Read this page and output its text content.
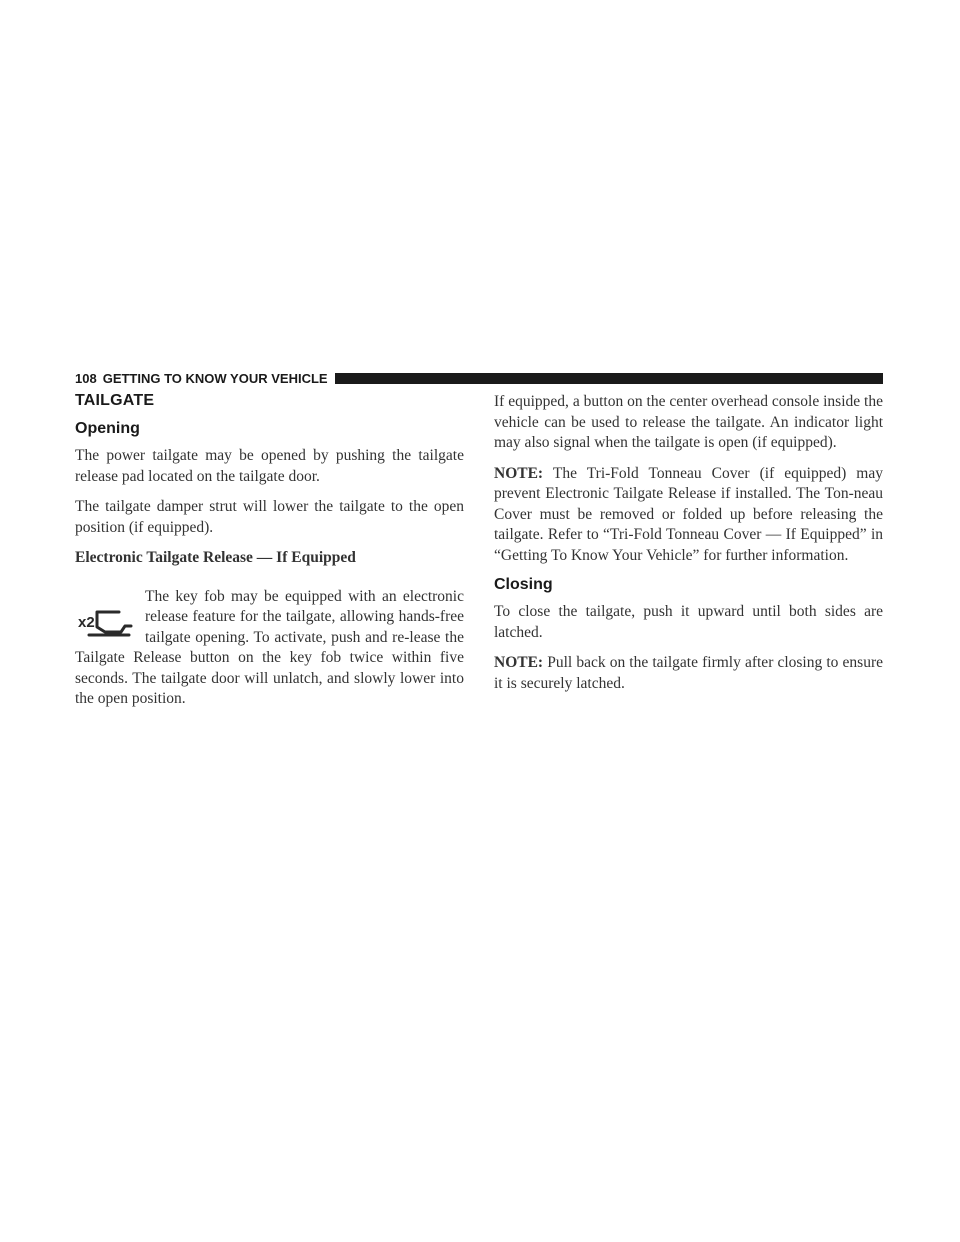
108 GETTING TO KNOW YOUR VEHICLE
TAILGATE
Opening

The power tailgate may be opened by pushing the tailgate release pad located on the tailgate door.

The tailgate damper strut will lower the tailgate to the open position (if equipped).

Electronic Tailgate Release — If Equipped

x2

The key fob may be equipped with an electronic release feature for the tailgate, allowing hands-free tailgate opening. To activate, push and re-lease the Tailgate Release button on the key fob twice within five seconds. The tailgate door will unlatch, and slowly lower into the open position.

If equipped, a button on the center overhead console inside the vehicle can be used to release the tailgate. An indicator light may also signal when the tailgate is open (if equipped).

NOTE: The Tri-Fold Tonneau Cover (if equipped) may prevent Electronic Tailgate Release if installed. The Ton-neau Cover must be removed or folded up before releasing the tailgate. Refer to “Tri-Fold Tonneau Cover — If Equipped” in “Getting To Know Your Vehicle” for further information.

Closing

To close the tailgate, push it upward until both sides are latched.

NOTE: Pull back on the tailgate firmly after closing to ensure it is securely latched.
